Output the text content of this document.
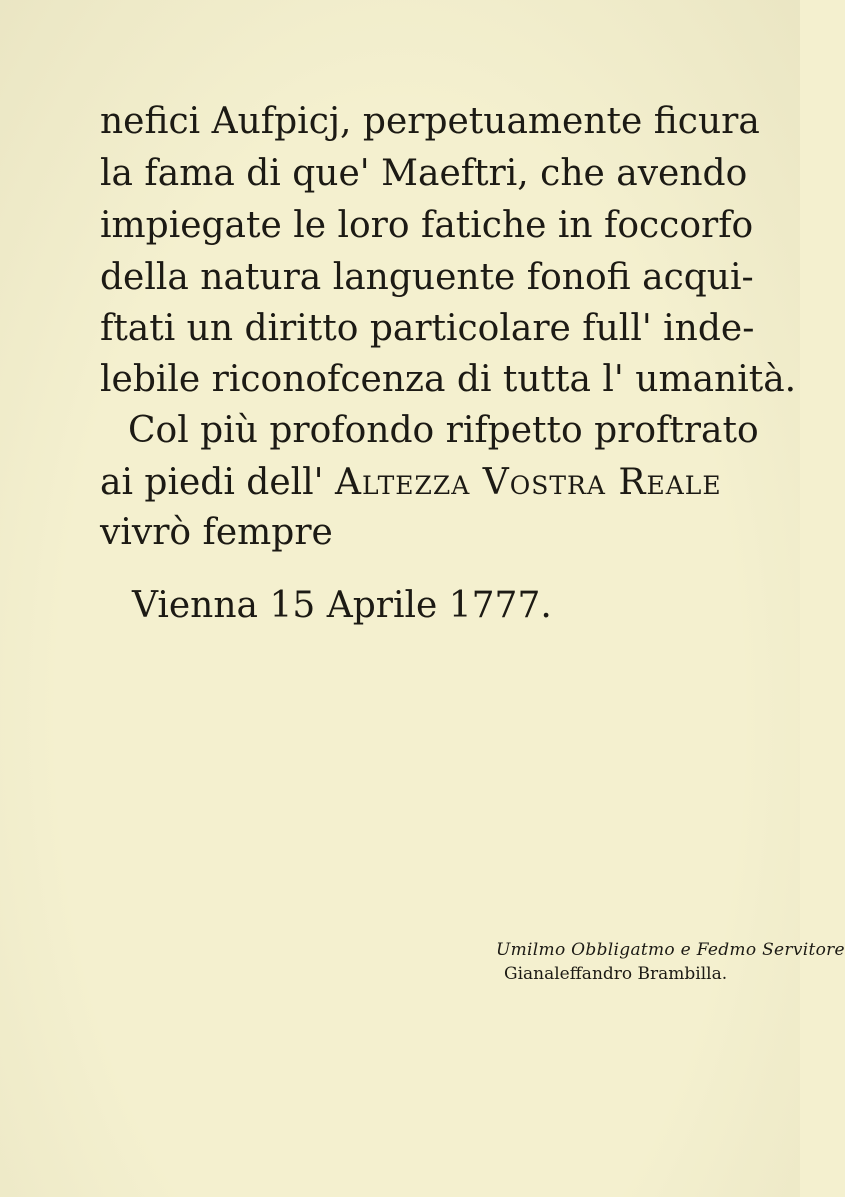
nefici Aufpicj, perpetuamente ficura
la fama di que' Maeftri, che avendo
impiegate le loro fatiche in foccorfo
della natura languente fonofi acqui-
ftati un diritto particolare full' inde-
lebile riconofcenza di tutta l' umanità.
Col più profondo rifpetto proftrato
ai piedi dell' Altezza Vostra Reale
vivrò fempre
Vienna 15 Aprile 1777.
Umilmo Obbligatmo e Fedmo Servitore
Gianaleffandro Brambilla.
